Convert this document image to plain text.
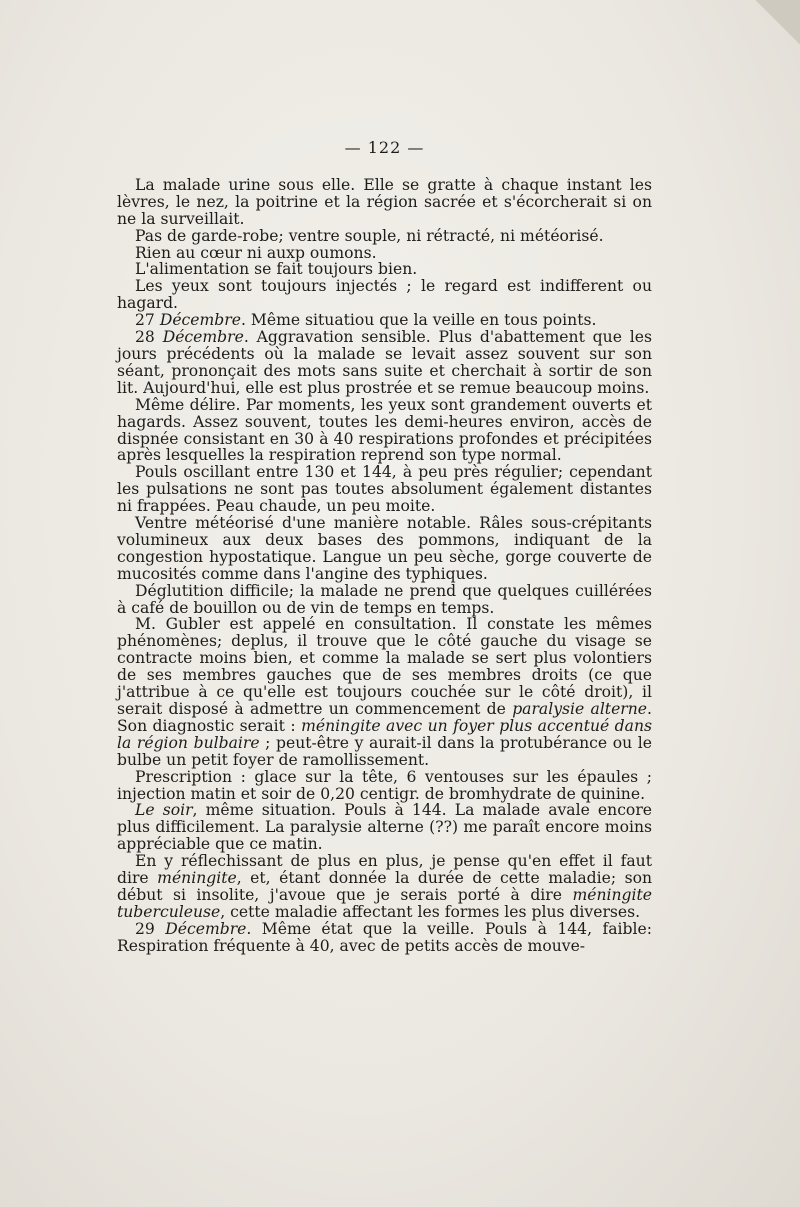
— 122 —

La malade urine sous elle. Elle se gratte à chaque instant les lèvres, le nez, la poitrine et la région sacrée et s'écorcherait si on ne la surveillait.

Pas de garde-robe; ventre souple, ni rétracté, ni météorisé.

Rien au cœur ni auxp oumons.

L'alimentation se fait toujours bien.

Les yeux sont toujours injectés ; le regard est indifferent ou hagard.

27 Décembre. Même situatiou que la veille en tous points.

28 Décembre. Aggravation sensible. Plus d'abattement que les jours précédents où la malade se levait assez souvent sur son séant, prononçait des mots sans suite et cherchait à sortir de son lit. Aujourd'hui, elle est plus prostrée et se remue beaucoup moins.

Même délire. Par moments, les yeux sont grandement ouverts et hagards. Assez souvent, toutes les demi-heures environ, accès de dispnée consistant en 30 à 40 respirations profondes et précipitées après lesquelles la respiration reprend son type normal.

Pouls oscillant entre 130 et 144, à peu près régulier; cependant les pulsations ne sont pas toutes absolument également distantes ni frappées. Peau chaude, un peu moite.

Ventre météorisé d'une manière notable. Râles sous-crépitants volumineux aux deux bases des pommons, indiquant de la congestion hypostatique. Langue un peu sèche, gorge couverte de mucosités comme dans l'angine des typhiques.

Déglutition difficile; la malade ne prend que quelques cuillérées à café de bouillon ou de vin de temps en temps.

M. Gubler est appelé en consultation. Il constate les mêmes phénomènes; deplus, il trouve que le côté gauche du visage se contracte moins bien, et comme la malade se sert plus volontiers de ses membres gauches que de ses membres droits (ce que j'attribue à ce qu'elle est toujours couchée sur le côté droit), il serait disposé à admettre un commencement de paralysie alterne. Son diagnostic serait : méningite avec un foyer plus accentué dans la région bulbaire ; peut-être y aurait-il dans la protubérance ou le bulbe un petit foyer de ramollissement.

Prescription : glace sur la tête, 6 ventouses sur les épaules ; injection matin et soir de 0,20 centigr. de bromhydrate de quinine.

Le soir, même situation. Pouls à 144. La malade avale encore plus difficilement. La paralysie alterne (??) me paraît encore moins appréciable que ce matin.

En y réflechissant de plus en plus, je pense qu'en effet il faut dire méningite, et, étant donnée la durée de cette maladie; son début si insolite, j'avoue que je serais porté à dire méningite tuberculeuse, cette maladie affectant les formes les plus diverses.

29 Décembre. Même état que la veille. Pouls à 144, faible: Respiration fréquente à 40, avec de petits accès de mouve-
